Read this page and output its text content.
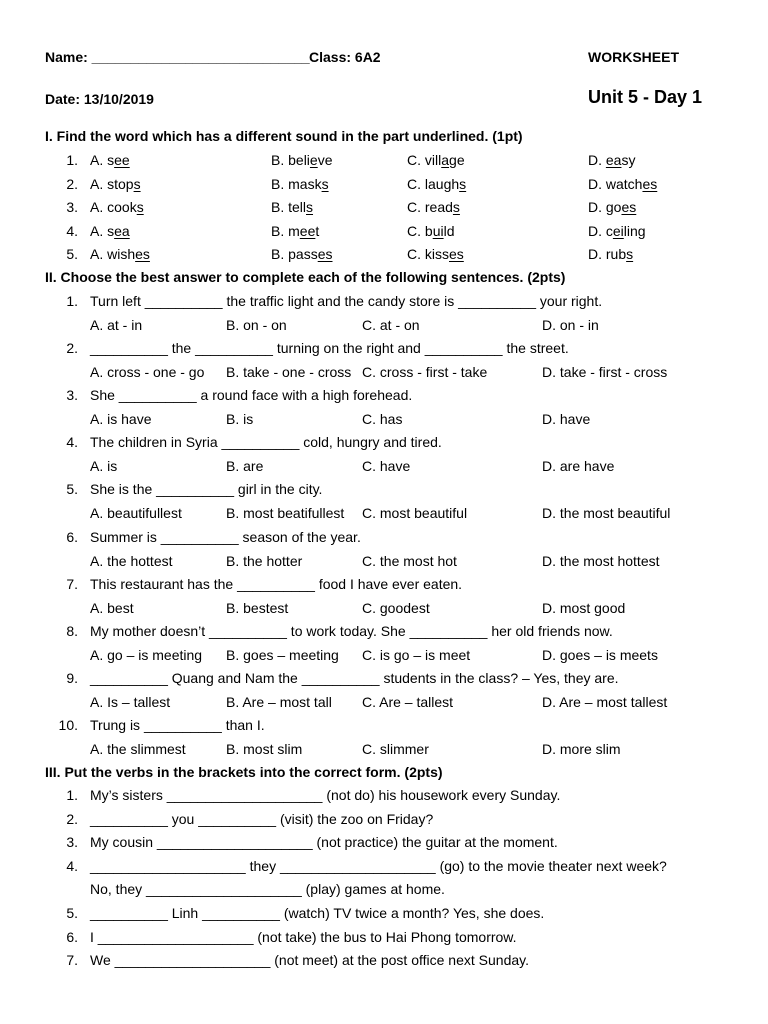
Name: ____________________________ Class: 6A2	WORKSHEET
Date: 13/10/2019	Unit 5 - Day 1
I. Find the word which has a different sound in the part underlined. (1pt)
1. A. see	B. believe	C. village	D. easy
2. A. stops	B. masks	C. laughs	D. watches
3. A. cooks	B. tells	C. reads	D. goes
4. A. sea	B. meet	C. build	D. ceiling
5. A. wishes	B. passes	C. kisses	D. rubs
II. Choose the best answer to complete each of the following sentences. (2pts)
1. Turn left __________ the traffic light and the candy store is __________ your right.
A. at - in	B. on - on	C. at - on	D. on - in
2. __________ the __________ turning on the right and __________ the street.
A. cross - one - go B. take - one - cross C. cross - first - take	D. take - first - cross
3. She __________ a round face with a high forehead.
A. is have	B. is	C. has	D. have
4. The children in Syria __________ cold, hungry and tired.
A. is	B. are	C. have	D. are have
5. She is the __________ girl in the city.
A. beautifullest	B. most beatifullest C. most beautiful	D. the most beautiful
6. Summer is __________ season of the year.
A. the hottest	B. the hotter	C. the most hot	D. the most hottest
7. This restaurant has the __________ food I have ever eaten.
A. best	B. bestest	C. goodest	D. most good
8. My mother doesn’t __________ to work today. She __________ her old friends now.
A. go – is meeting B. goes – meeting C. is go – is meet	D. goes – is meets
9. __________ Quang and Nam the __________ students in the class? – Yes, they are.
A. Is – tallest	B. Are – most tall C. Are – tallest	D. Are – most tallest
10. Trung is __________ than I.
A. the slimmest	B. most slim	C. slimmer	D. more slim
III. Put the verbs in the brackets into the correct form. (2pts)
1. My’s sisters ____________________ (not do) his housework every Sunday.
2. __________ you __________ (visit) the zoo on Friday?
3. My cousin ____________________ (not practice) the guitar at the moment.
4. ____________________ they ____________________ (go) to the movie theater next week?
No, they ____________________ (play) games at home.
5. __________ Linh __________ (watch) TV twice a month? Yes, she does.
6. I ____________________ (not take) the bus to Hai Phong tomorrow.
7. We ____________________ (not meet) at the post office next Sunday.
